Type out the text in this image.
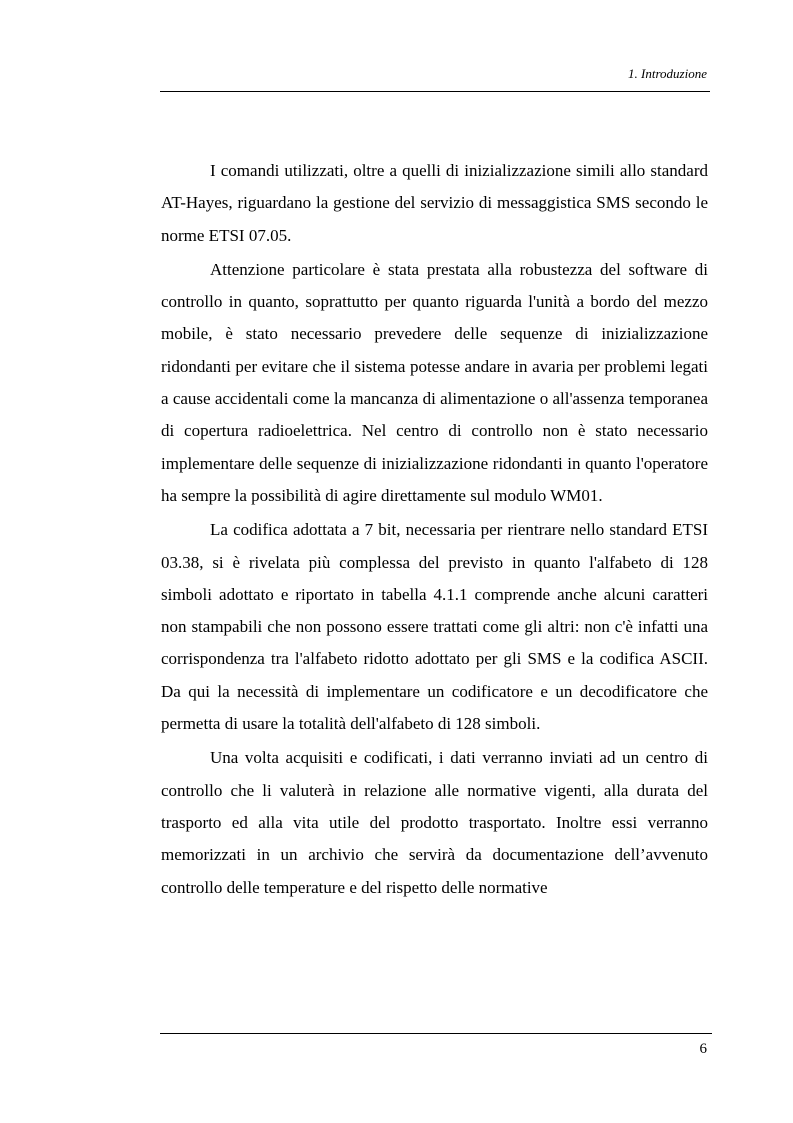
1. Introduzione

I comandi utilizzati, oltre a quelli di inizializzazione simili allo standard AT-Hayes, riguardano la gestione del servizio di messaggistica SMS secondo le norme ETSI 07.05.

Attenzione particolare è stata prestata alla robustezza del software di controllo in quanto, soprattutto per quanto riguarda l'unità a bordo del mezzo mobile, è stato necessario prevedere delle sequenze di inizializzazione ridondanti per evitare che il sistema potesse andare in avaria per problemi legati a cause accidentali come la mancanza di alimentazione o all'assenza temporanea di copertura radioelettrica. Nel centro di controllo non è stato necessario implementare delle sequenze di inizializzazione ridondanti in quanto l'operatore ha sempre la possibilità di agire direttamente sul modulo WM01.

La codifica adottata a 7 bit, necessaria per rientrare nello standard ETSI 03.38, si è rivelata più complessa del previsto in quanto l'alfabeto di 128 simboli adottato e riportato in tabella 4.1.1 comprende anche alcuni caratteri non stampabili che non possono essere trattati come gli altri: non c'è infatti una corrispondenza tra l'alfabeto ridotto adottato per gli SMS e la codifica ASCII. Da qui la necessità di implementare un codificatore e un decodificatore che permetta di usare la totalità dell'alfabeto di 128 simboli.

Una volta acquisiti e codificati, i dati verranno inviati ad un centro di controllo che li valuterà in relazione alle normative vigenti, alla durata del trasporto ed alla vita utile del prodotto trasportato. Inoltre essi verranno memorizzati in un archivio che servirà da documentazione dell’avvenuto controllo delle temperature e del rispetto delle normative

6
